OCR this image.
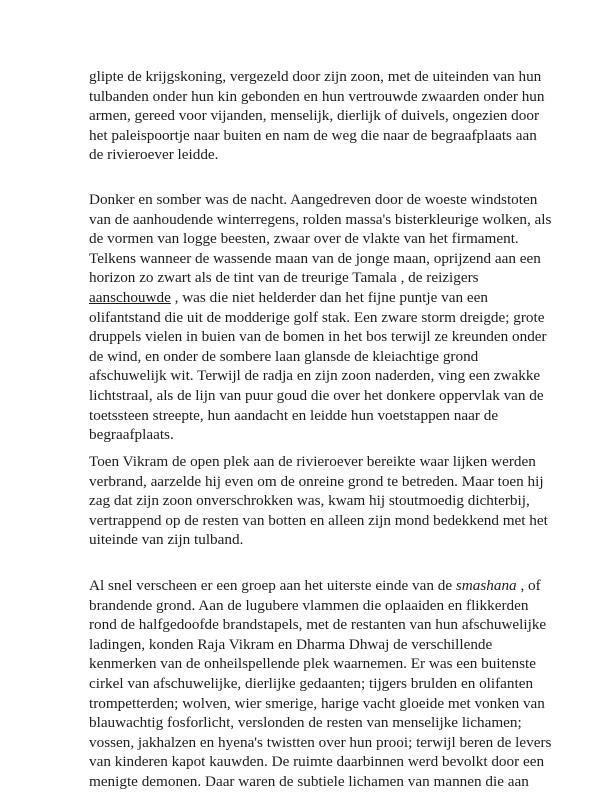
glipte de krijgskoning, vergezeld door zijn zoon, met de uiteinden van hun
tulbanden onder hun kin gebonden en hun vertrouwde zwaarden onder hun
armen, gereed voor vijanden, menselijk, dierlijk of duivels, ongezien door
het paleispoortje naar buiten en nam de weg die naar de begraafplaats aan
de rivieroever leidde.

Donker en somber was de nacht. Aangedreven door de woeste windstoten
van de aanhoudende winterregens, rolden massa's bisterkleurige wolken, als
de vormen van logge beesten, zwaar over de vlakte van het firmament.
Telkens wanneer de wassende maan van de jonge maan, oprijzend aan een
horizon zo zwart als de tint van de treurige Tamala , de reizigers
aanschouwde , was die niet helderder dan het fijne puntje van een
olifantstand die uit de modderige golf stak. Een zware storm dreigde; grote
druppels vielen in buien van de bomen in het bos terwijl ze kreunden onder
de wind, en onder de sombere laan glansde de kleiachtige grond
afschuwelijk wit. Terwijl de radja en zijn zoon naderden, ving een zwakke
lichtstraal, als de lijn van puur goud die over het donkere oppervlak van de
toetssteen streepte, hun aandacht en leidde hun voetstappen naar de
begraafplaats.

Toen Vikram de open plek aan de rivieroever bereikte waar lijken werden
verbrand, aarzelde hij even om de onreine grond te betreden. Maar toen hij
zag dat zijn zoon onverschrokken was, kwam hij stoutmoedig dichterbij,
vertrappend op de resten van botten en alleen zijn mond bedekkend met het
uiteinde van zijn tulband.

Al snel verscheen er een groep aan het uiterste einde van de smashana , of
brandende grond. Aan de lugubere vlammen die oplaaiden en flikkerden
rond de halfgedoofde brandstapels, met de restanten van hun afschuwelijke
ladingen, konden Raja Vikram en Dharma Dhwaj de verschillende
kenmerken van de onheilspellende plek waarnemen. Er was een buitenste
cirkel van afschuwelijke, dierlijke gedaanten; tijgers brulden en olifanten
trompetterden; wolven, wier smerige, harige vacht gloeide met vonken van
blauwachtig fosforlicht, verslonden de resten van menselijke lichamen;
vossen, jakhalzen en hyena's twistten over hun prooi; terwijl beren de levers
van kinderen kapot kauwden. De ruimte daarbinnen werd bevolkt door een
menigte demonen. Daar waren de subtiele lichamen van mannen die aan
